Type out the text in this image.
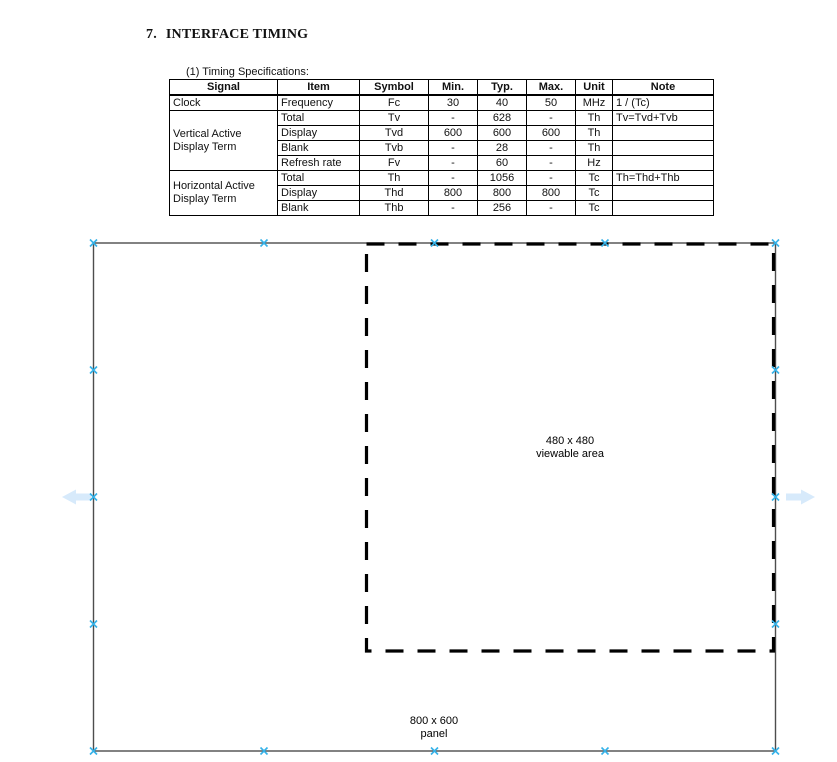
7. INTERFACE TIMING
(1) Timing Specifications:
Signal	Item	Symbol	Min.	Typ.	Max.	Unit	Note
Clock	Frequency	Fc	30	40	50	MHz	1 / (Tc)

Vertical Active Display Term	Total	Tv	-	628	-	Th	Tv=Tvd+Tvb
	Display	Tvd	600	600	600	Th	
	Blank	Tvb	-	28	-	Th	
	Refresh rate	Fv	-	60	-	Hz	

Horizontal Active Display Term	Total	Th	-	1056	-	Tc	Th=Thd+Thb
	Display	Thd	800	800	800	Tc	
	Blank	Thb	-	256	-	Tc	
480 x 480
viewable area
800 x 600
panel
